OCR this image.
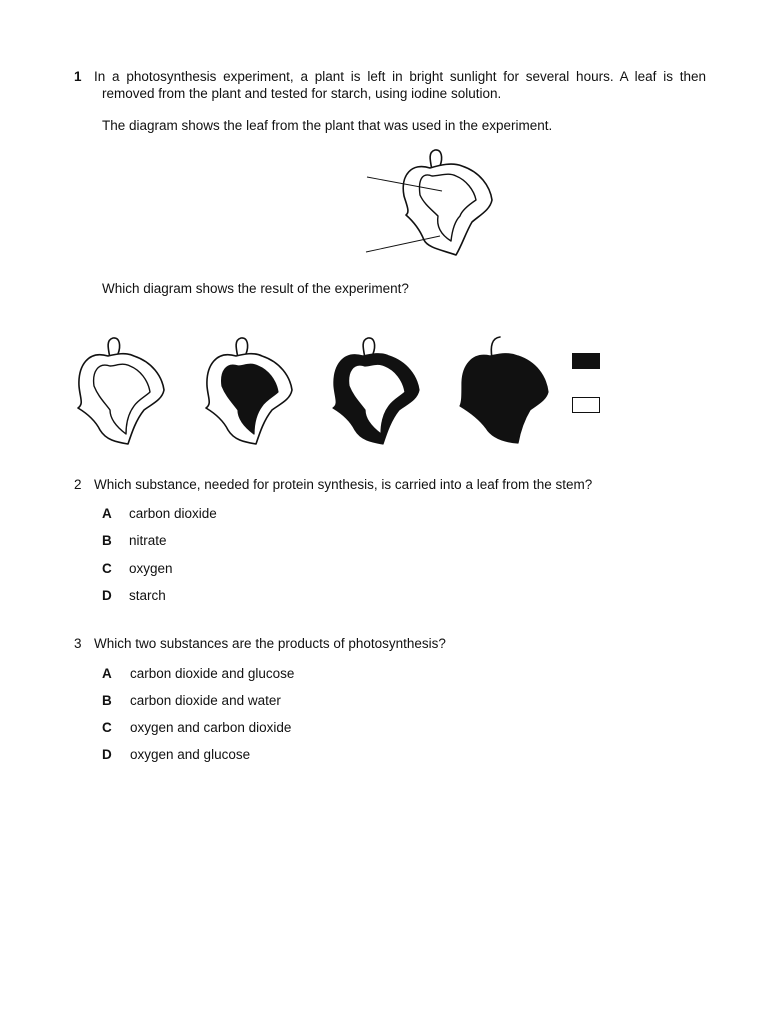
1 In a photosynthesis experiment, a plant is left in bright sunlight for several hours. A leaf is then removed from the plant and tested for starch, using iodine solution.
The diagram shows the leaf from the plant that was used in the experiment.
Which diagram shows the result of the experiment?
2 Which substance, needed for protein synthesis, is carried into a leaf from the stem?
A carbon dioxide
B nitrate
C oxygen
D starch
3 Which two substances are the products of photosynthesis?
A carbon dioxide and glucose
B carbon dioxide and water
C oxygen and carbon dioxide
D oxygen and glucose
